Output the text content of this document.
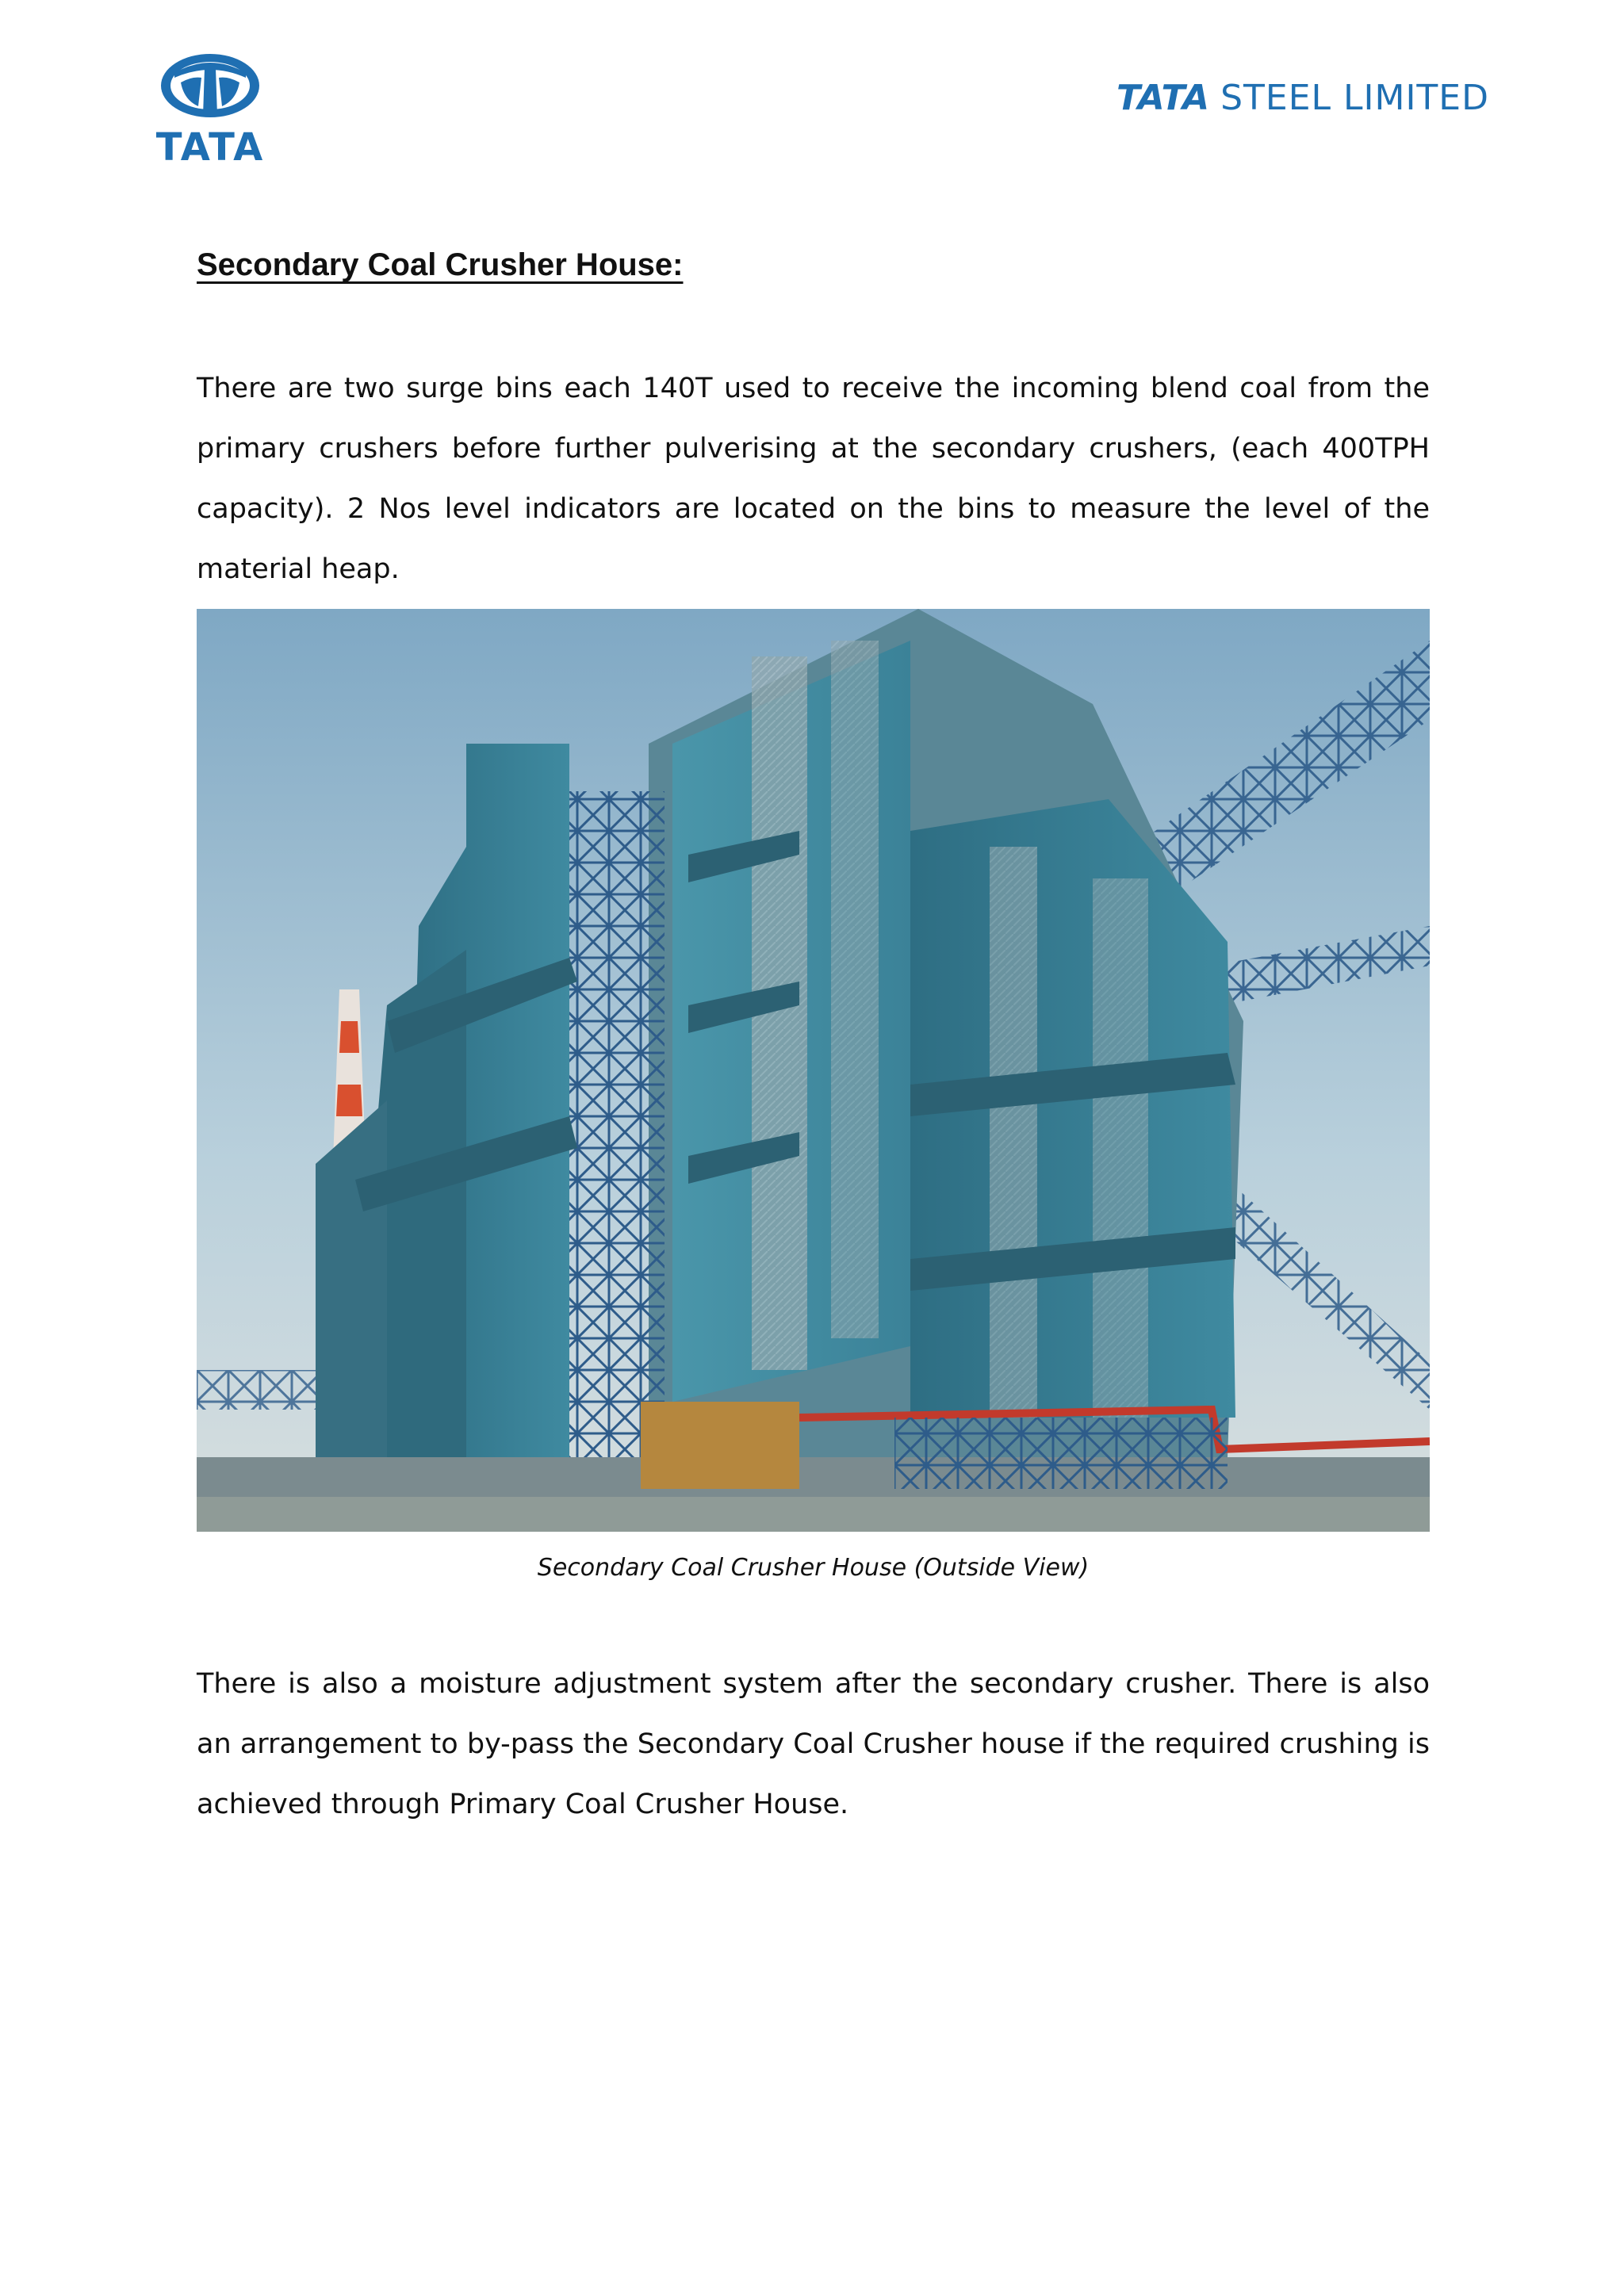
TATA
TATA STEEL LIMITED
Secondary Coal Crusher House:

There are two surge bins each 140T used to receive the incoming blend coal from the primary crushers before further pulverising at the secondary crushers, (each 400TPH capacity). 2 Nos level indicators are located on the bins to measure the level of the material heap.

Secondary Coal Crusher House (Outside View)

There is also a moisture adjustment system after the secondary crusher. There is also an arrangement to by-pass the Secondary Coal Crusher house if the required crushing is achieved through Primary Coal Crusher House.
